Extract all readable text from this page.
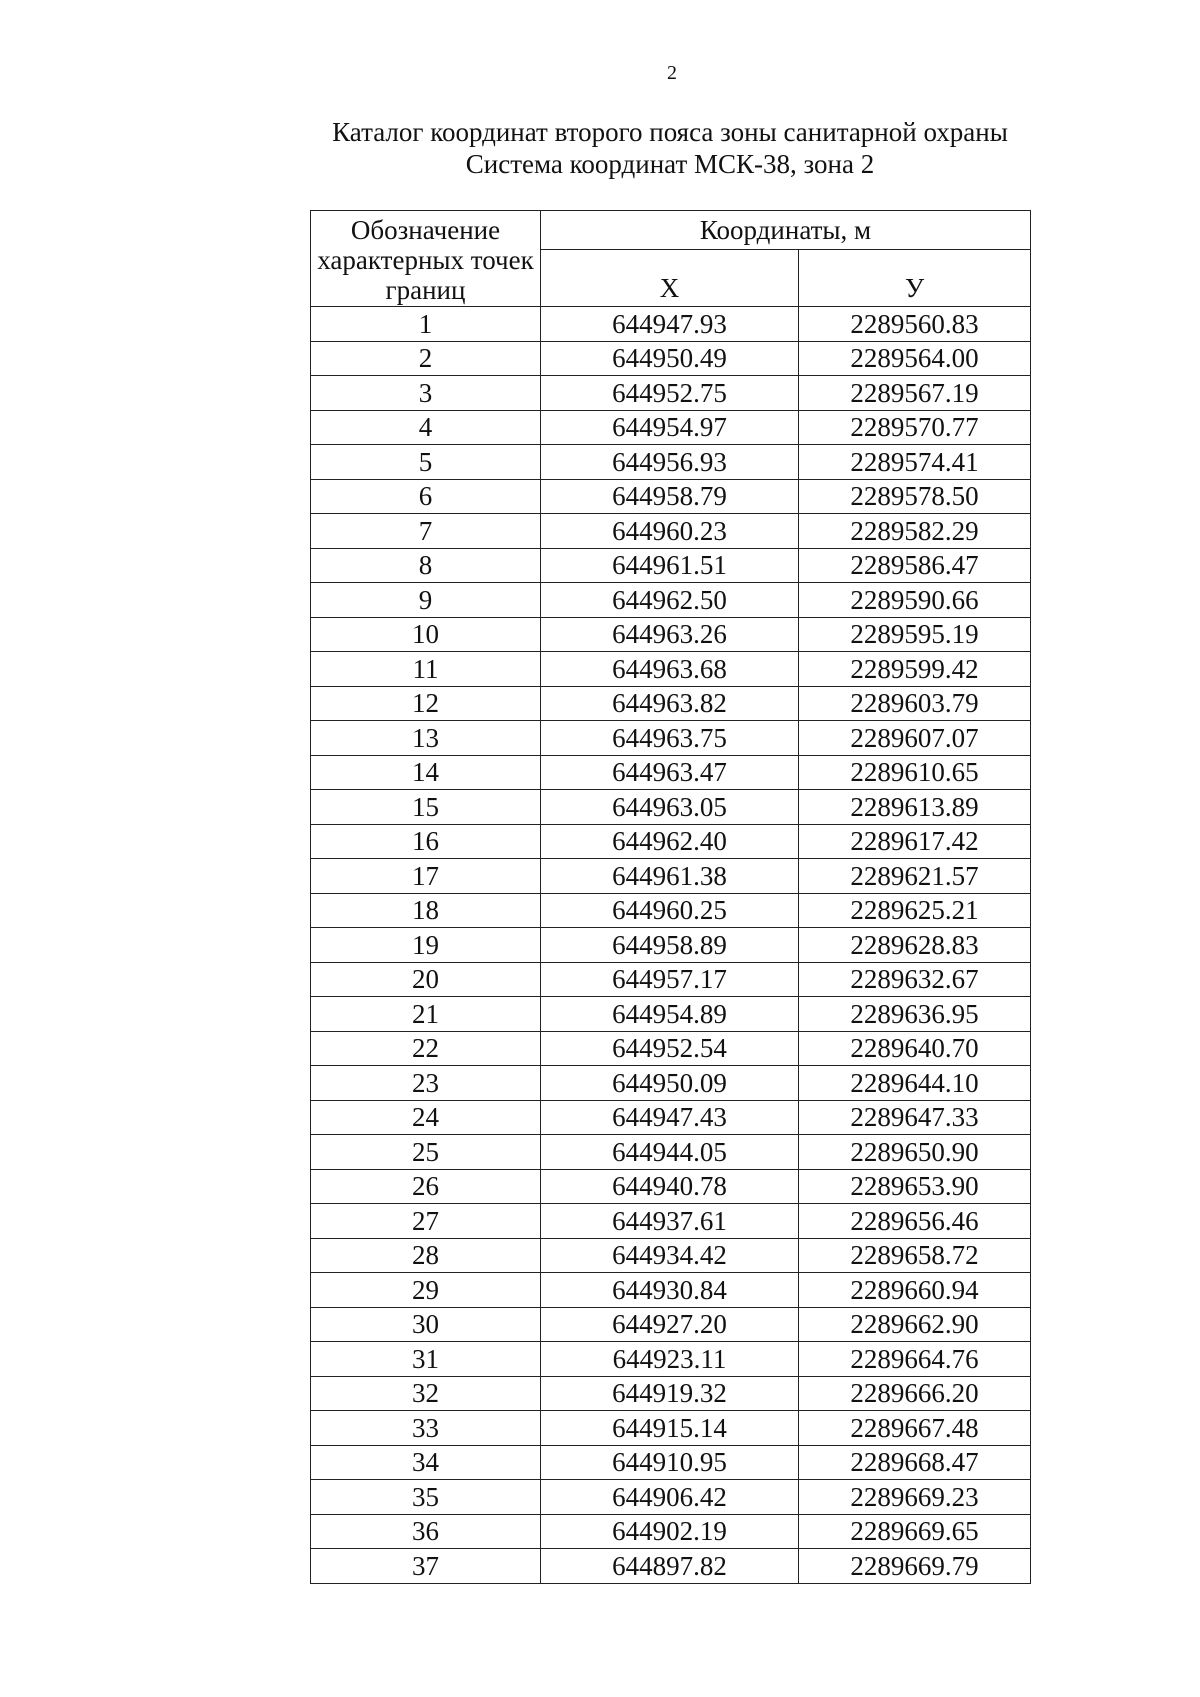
2
Каталог координат второго пояса зоны санитарной охраны
Система координат МСК-38, зона 2
Обозначение характерных точек границ	Координаты, м	
	X	У
1	644947.93	2289560.83
2	644950.49	2289564.00
3	644952.75	2289567.19
4	644954.97	2289570.77
5	644956.93	2289574.41
6	644958.79	2289578.50
7	644960.23	2289582.29
8	644961.51	2289586.47
9	644962.50	2289590.66
10	644963.26	2289595.19
11	644963.68	2289599.42
12	644963.82	2289603.79
13	644963.75	2289607.07
14	644963.47	2289610.65
15	644963.05	2289613.89
16	644962.40	2289617.42
17	644961.38	2289621.57
18	644960.25	2289625.21
19	644958.89	2289628.83
20	644957.17	2289632.67
21	644954.89	2289636.95
22	644952.54	2289640.70
23	644950.09	2289644.10
24	644947.43	2289647.33
25	644944.05	2289650.90
26	644940.78	2289653.90
27	644937.61	2289656.46
28	644934.42	2289658.72
29	644930.84	2289660.94
30	644927.20	2289662.90
31	644923.11	2289664.76
32	644919.32	2289666.20
33	644915.14	2289667.48
34	644910.95	2289668.47
35	644906.42	2289669.23
36	644902.19	2289669.65
37	644897.82	2289669.79
